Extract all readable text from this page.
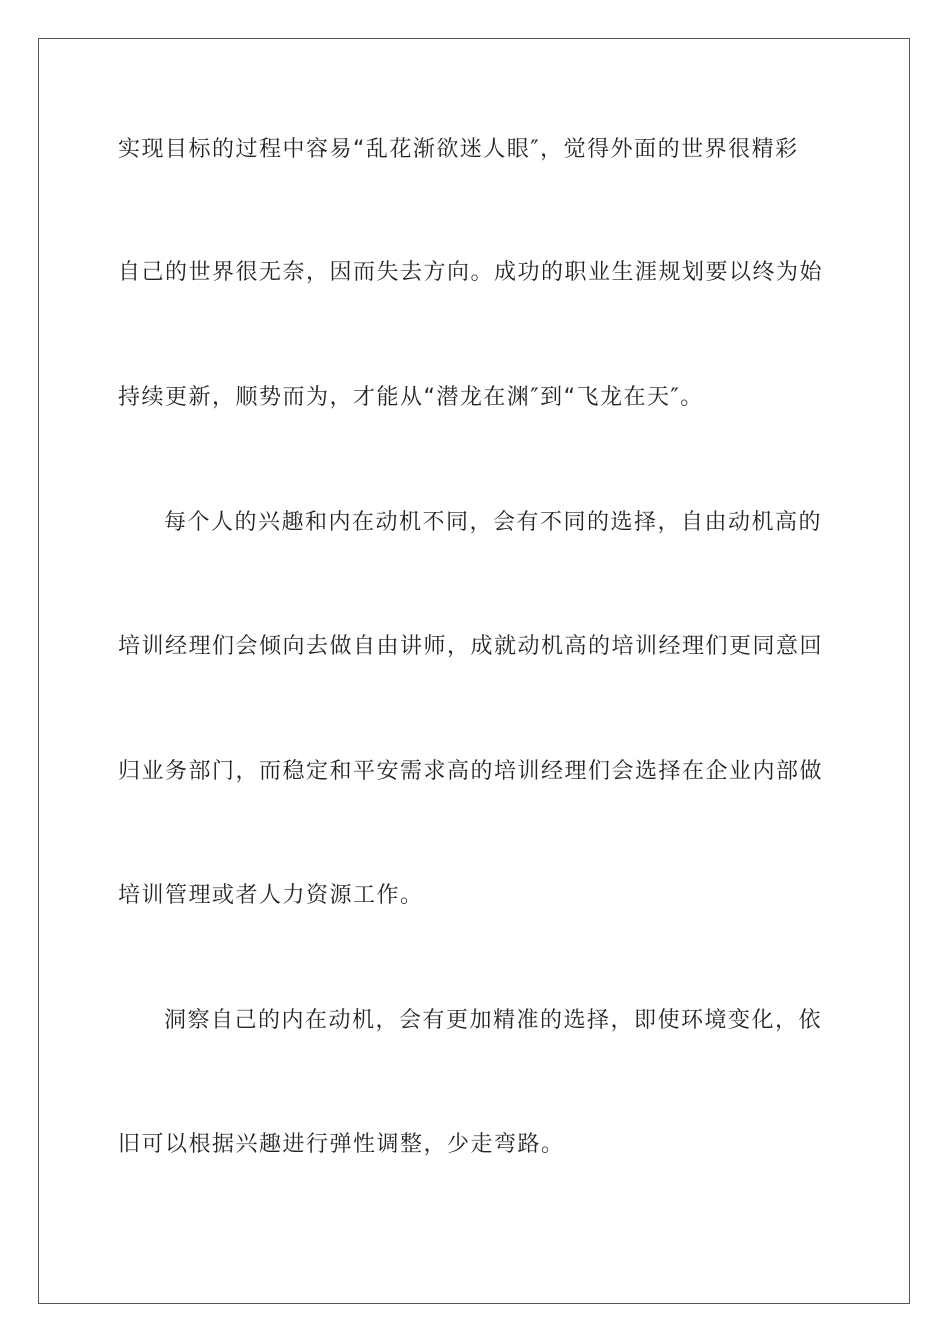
实现目标的过程中容易“乱花渐欲迷人眼″，觉得外面的世界很精彩
自己的世界很无奈，因而失去方向。成功的职业生涯规划要以终为始
持续更新，顺势而为，才能从“潜龙在渊″到“飞龙在天″。
每个人的兴趣和内在动机不同，会有不同的选择，自由动机高的
培训经理们会倾向去做自由讲师，成就动机高的培训经理们更同意回
归业务部门，而稳定和平安需求高的培训经理们会选择在企业内部做
培训管理或者人力资源工作。
洞察自己的内在动机，会有更加精准的选择，即使环境变化，依
旧可以根据兴趣进行弹性调整，少走弯路。
